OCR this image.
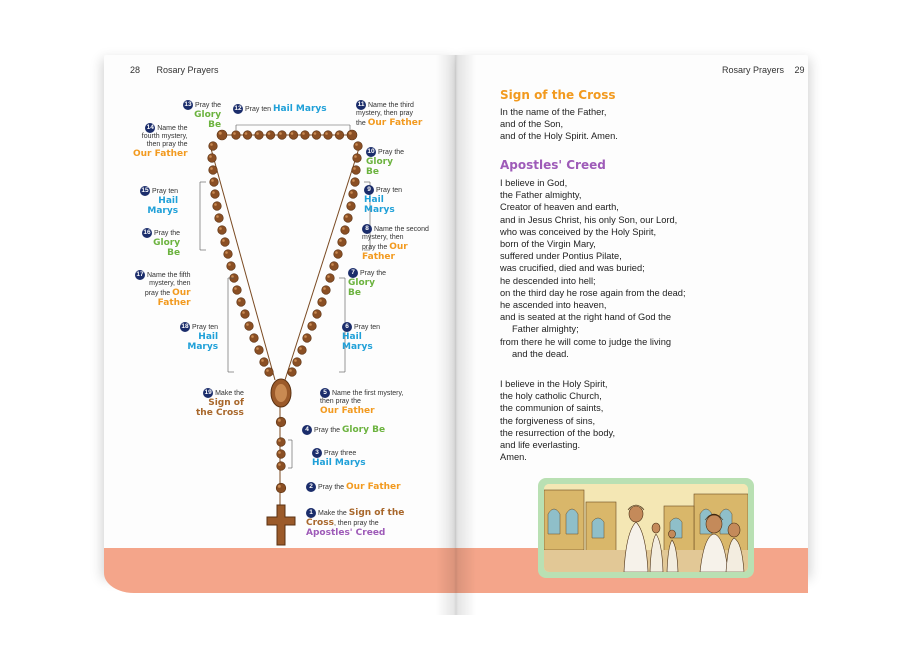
28 Rosary Prayers	Rosary Prayers 29
1 Make the Sign of the
Cross, then pray the
Apostles' Creed
2 Pray the Our Father
3 Pray three
Hail Marys
4 Pray the Glory Be
5 Name the first mystery,
then pray the
Our Father
6 Pray ten
Hail
Marys
7 Pray the
Glory
Be
8 Name the second
mystery, then
pray the Our
Father
9 Pray ten
Hail
Marys
10 Pray the
Glory
Be
11 Name the third
mystery, then pray
the Our Father
12 Pray ten Hail Marys
13 Pray the
Glory
Be
14 Name the
fourth mystery,
then pray the
Our Father
15 Pray ten
Hail
Marys
16 Pray the
Glory
Be
17 Name the fifth
mystery, then
pray the Our
Father
18 Pray ten
Hail
Marys
19 Make the
Sign of
the Cross
Sign of the Cross
In the name of the Father,
and of the Son,
and of the Holy Spirit. Amen.
Apostles' Creed
I believe in God,
the Father almighty,
Creator of heaven and earth,
and in Jesus Christ, his only Son, our Lord,
who was conceived by the Holy Spirit,
born of the Virgin Mary,
suffered under Pontius Pilate,
was crucified, died and was buried;
he descended into hell;
on the third day he rose again from the dead;
he ascended into heaven,
and is seated at the right hand of God the
Father almighty;
from there he will come to judge the living
and the dead.
I believe in the Holy Spirit,
the holy catholic Church,
the communion of saints,
the forgiveness of sins,
the resurrection of the body,
and life everlasting.
Amen.
